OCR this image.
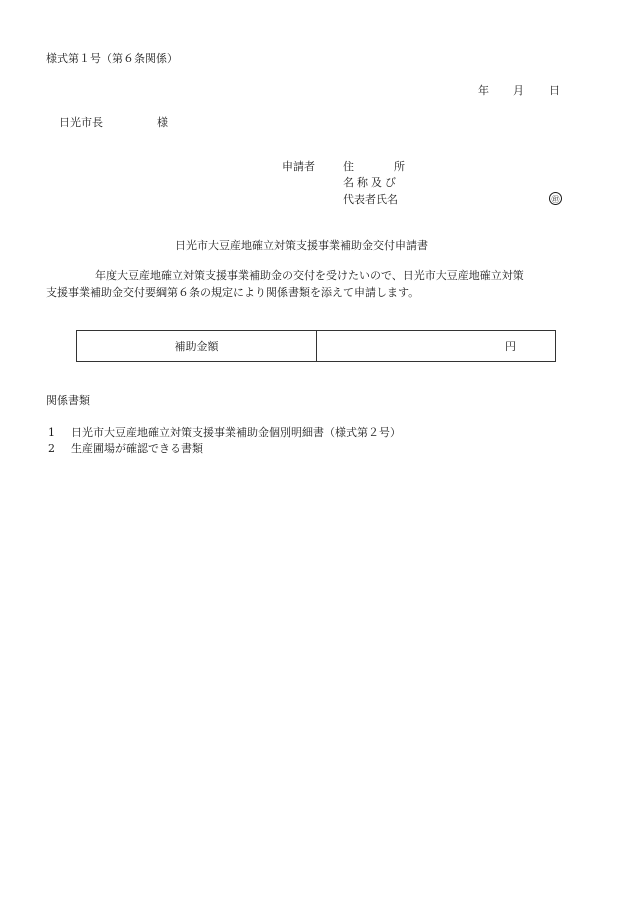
様式第１号（第６条関係）
年 月 日
日光市長	様
申請者	住所
名称及び
代表者氏名	㊞
日光市大豆産地確立対策支援事業補助金交付申請書
年度大豆産地確立対策支援事業補助金の交付を受けたいので、日光市大豆産地確立対策
支援事業補助金交付要綱第６条の規定により関係書類を添えて申請します。
補助金額	円
関係書類
1 日光市大豆産地確立対策支援事業補助金個別明細書（様式第２号）
2 生産圃場が確認できる書類
